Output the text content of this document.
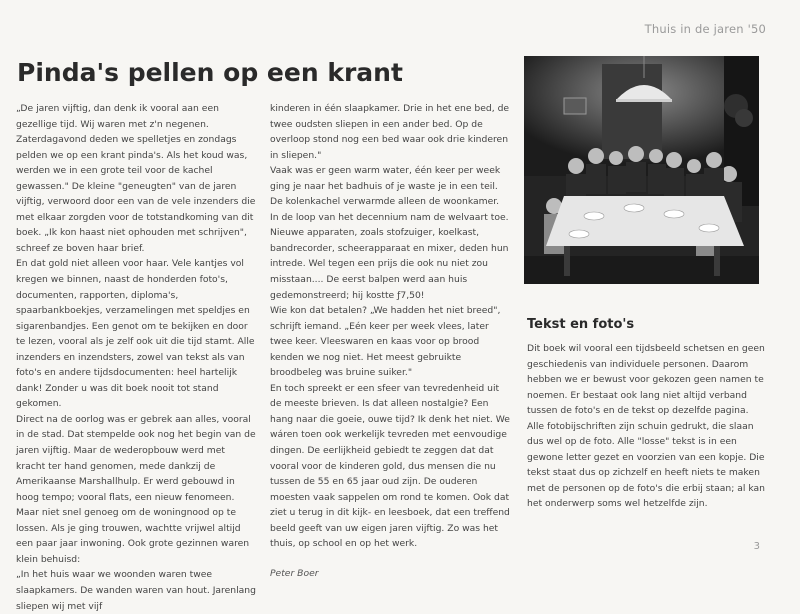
Thuis in de jaren '50
Pinda's pellen op een krant

„De jaren vijftig, dan denk ik vooral aan een gezellige tijd. Wij waren met z'n negenen. Zaterdagavond deden we spelletjes en zondags pelden we op een krant pinda's. Als het koud was, werden we in een grote teil voor de kachel gewassen." De kleine "geneugten" van de jaren vijftig, verwoord door een van de vele inzenders die met elkaar zorgden voor de totstandkoming van dit boek. „Ik kon haast niet ophouden met schrijven", schreef ze boven haar brief.

En dat gold niet alleen voor haar. Vele kantjes vol kregen we binnen, naast de honderden foto's, documenten, rapporten, diploma's, spaarbankboekjes, verzamelingen met speldjes en sigarenbandjes. Een genot om te bekijken en door te lezen, vooral als je zelf ook uit die tijd stamt. Alle inzenders en inzendsters, zowel van tekst als van foto's en andere tijdsdocumenten: heel hartelijk dank! Zonder u was dit boek nooit tot stand gekomen.

Direct na de oorlog was er gebrek aan alles, vooral in de stad. Dat stempelde ook nog het begin van de jaren vijftig. Maar de wederopbouw werd met kracht ter hand genomen, mede dankzij de Amerikaanse Marshallhulp. Er werd gebouwd in hoog tempo; vooral flats, een nieuw fenomeen. Maar niet snel genoeg om de woningnood op te lossen. Als je ging trouwen, wachtte vrijwel altijd een paar jaar inwoning. Ook grote gezinnen waren klein behuisd:

„In het huis waar we woonden waren twee slaapkamers. De wanden waren van hout. Jarenlang sliepen wij met vijf

kinderen in één slaapkamer. Drie in het ene bed, de twee oudsten sliepen in een ander bed. Op de overloop stond nog een bed waar ook drie kinderen in sliepen."

Vaak was er geen warm water, één keer per week ging je naar het badhuis of je waste je in een teil. De kolenkachel verwarmde alleen de woonkamer.

In de loop van het decennium nam de welvaart toe. Nieuwe apparaten, zoals stofzuiger, koelkast, bandrecorder, scheerapparaat en mixer, deden hun intrede. Wel tegen een prijs die ook nu niet zou misstaan.... De eerst balpen werd aan huis gedemonstreerd; hij kostte ƒ7,50!

Wie kon dat betalen? „We hadden het niet breed", schrijft iemand. „Eén keer per week vlees, later twee keer. Vleeswaren en kaas voor op brood kenden we nog niet. Het meest gebruikte broodbeleg was bruine suiker."

En toch spreekt er een sfeer van tevredenheid uit de meeste brieven. Is dat alleen nostalgie? Een hang naar die goeie, ouwe tijd? Ik denk het niet. We wáren toen ook werkelijk tevreden met eenvoudige dingen. De eerlijkheid gebiedt te zeggen dat dat vooral voor de kinderen gold, dus mensen die nu tussen de 55 en 65 jaar oud zijn. De ouderen moesten vaak sappelen om rond te komen. Ook dat ziet u terug in dit kijk- en leesboek, dat een treffend beeld geeft van uw eigen jaren vijftig. Zo was het thuis, op school en op het werk.

Peter Boer

Tekst en foto's

Dit boek wil vooral een tijdsbeeld schetsen en geen geschiedenis van individuele personen. Daarom hebben we er bewust voor gekozen geen namen te noemen. Er bestaat ook lang niet altijd verband tussen de foto's en de tekst op dezelfde pagina. Alle fotobijschriften zijn schuin gedrukt, die slaan dus wel op de foto. Alle "losse" tekst is in een gewone letter gezet en voorzien van een kopje. Die tekst staat dus op zichzelf en heeft niets te maken met de personen op de foto's die erbij staan; al kan het onderwerp soms wel hetzelfde zijn.

3
